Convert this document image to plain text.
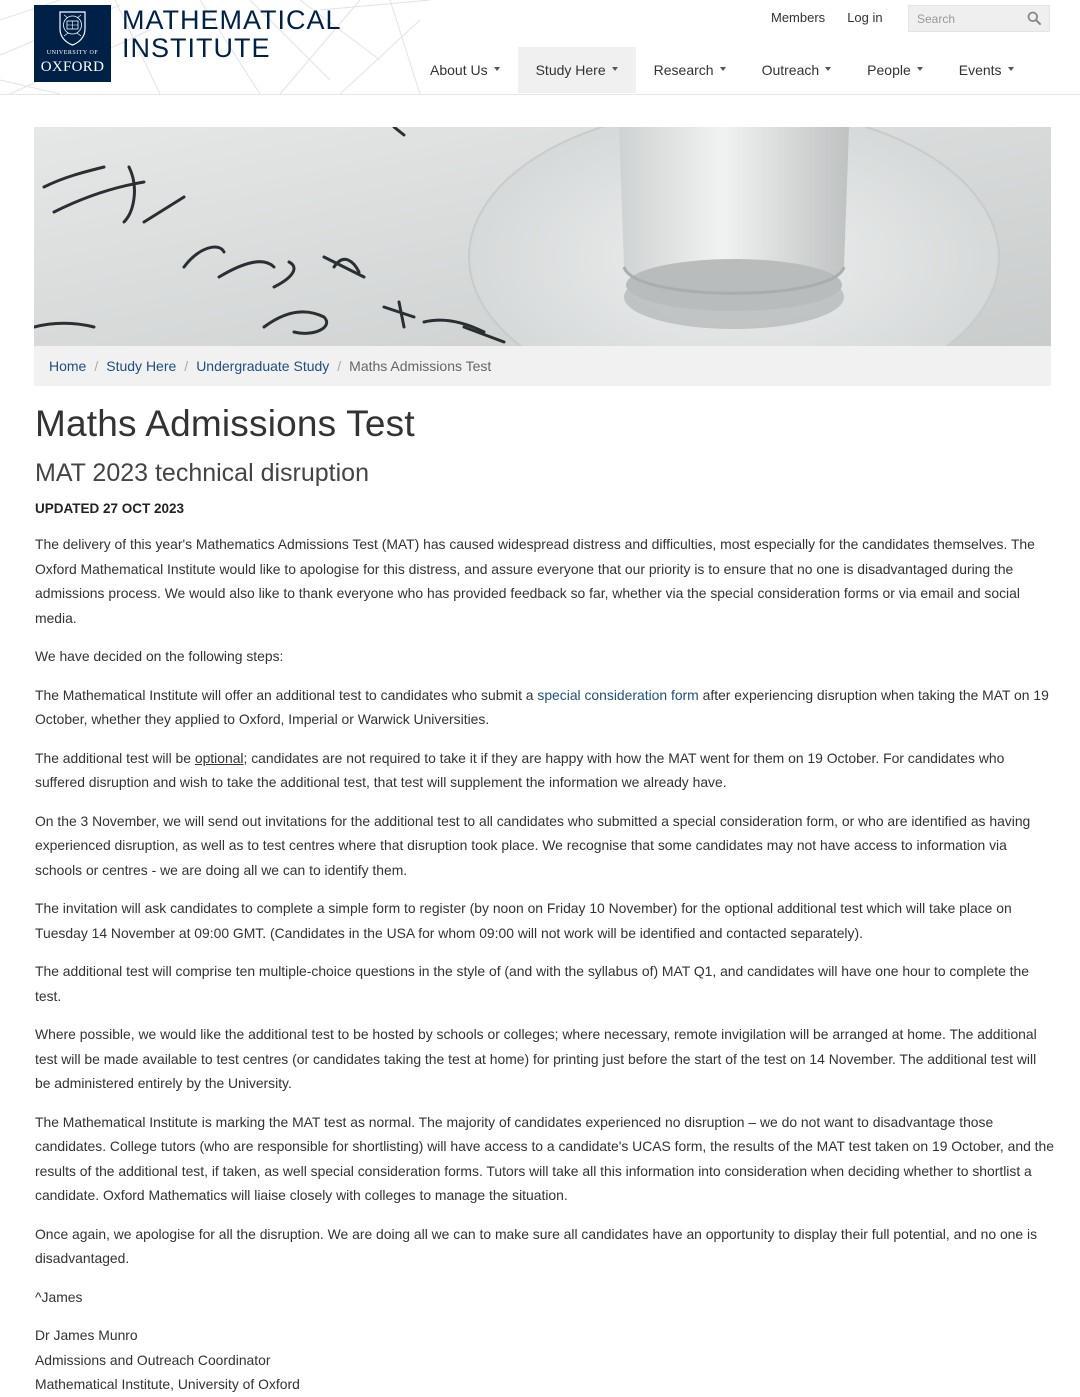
UNIVERSITY OF
OXFORD
MATHEMATICAL
INSTITUTE
Members Log in
Search
About Us	Study Here	Research	Outreach	People	Events
Home / Study Here / Undergraduate Study / Maths Admissions Test
Maths Admissions Test
MAT 2023 technical disruption

UPDATED 27 OCT 2023

The delivery of this year's Mathematics Admissions Test (MAT) has caused widespread distress and difficulties, most especially for the candidates themselves. The Oxford Mathematical Institute would like to apologise for this distress, and assure everyone that our priority is to ensure that no one is disadvantaged during the admissions process. We would also like to thank everyone who has provided feedback so far, whether via the special consideration forms or via email and social media.

We have decided on the following steps:

The Mathematical Institute will offer an additional test to candidates who submit a special consideration form after experiencing disruption when taking the MAT on 19 October, whether they applied to Oxford, Imperial or Warwick Universities.

The additional test will be optional; candidates are not required to take it if they are happy with how the MAT went for them on 19 October. For candidates who suffered disruption and wish to take the additional test, that test will supplement the information we already have.

On the 3 November, we will send out invitations for the additional test to all candidates who submitted a special consideration form, or who are identified as having experienced disruption, as well as to test centres where that disruption took place. We recognise that some candidates may not have access to information via schools or centres - we are doing all we can to identify them.

The invitation will ask candidates to complete a simple form to register (by noon on Friday 10 November) for the optional additional test which will take place on Tuesday 14 November at 09:00 GMT. (Candidates in the USA for whom 09:00 will not work will be identified and contacted separately).

The additional test will comprise ten multiple-choice questions in the style of (and with the syllabus of) MAT Q1, and candidates will have one hour to complete the test.

Where possible, we would like the additional test to be hosted by schools or colleges; where necessary, remote invigilation will be arranged at home. The additional test will be made available to test centres (or candidates taking the test at home) for printing just before the start of the test on 14 November. The additional test will be administered entirely by the University.

The Mathematical Institute is marking the MAT test as normal. The majority of candidates experienced no disruption – we do not want to disadvantage those candidates. College tutors (who are responsible for shortlisting) will have access to a candidate's UCAS form, the results of the MAT test taken on 19 October, and the results of the additional test, if taken, as well special consideration forms. Tutors will take all this information into consideration when deciding whether to shortlist a candidate. Oxford Mathematics will liaise closely with colleges to manage the situation.

Once again, we apologise for all the disruption. We are doing all we can to make sure all candidates have an opportunity to display their full potential, and no one is disadvantaged.

^James

Dr James Munro
Admissions and Outreach Coordinator
Mathematical Institute, University of Oxford
